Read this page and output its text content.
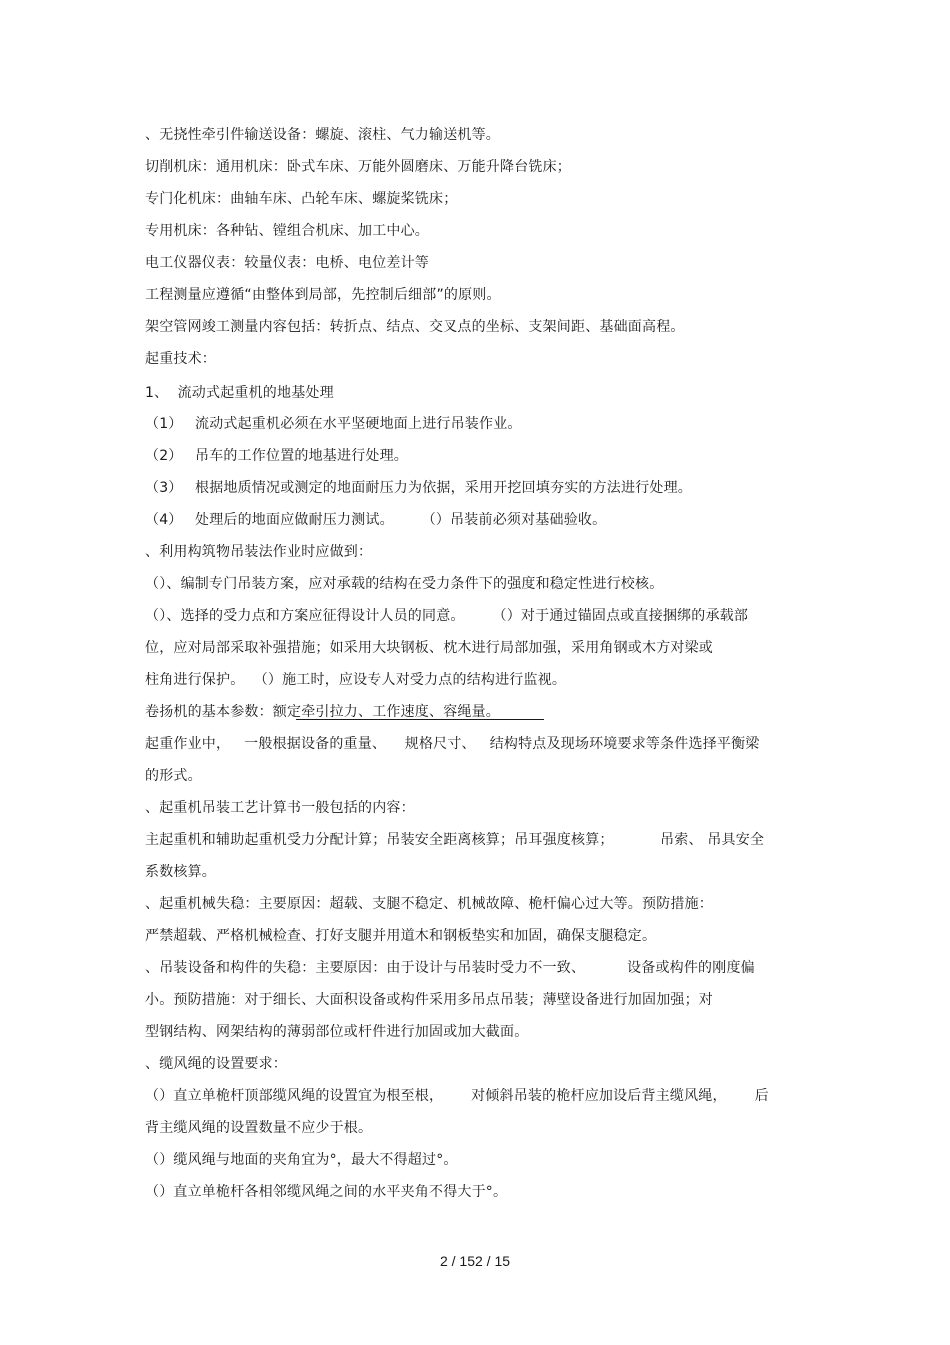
、无挠性牵引件输送设备：螺旋、滚柱、气力输送机等。
切削机床：通用机床：卧式车床、万能外圆磨床、万能升降台铣床；
专门化机床：曲轴车床、凸轮车床、螺旋桨铣床；
专用机床：各种钻、镗组合机床、加工中心。
电工仪器仪表：较量仪表：电桥、电位差计等
工程测量应遵循“由整体到局部，先控制后细部”的原则。
架空管网竣工测量内容包括：转折点、结点、交叉点的坐标、支架间距、基础面高程。
起重技术：
1、  流动式起重机的地基处理
（1） 流动式起重机必须在水平坚硬地面上进行吊装作业。
（2） 吊车的工作位置的地基进行处理。
（3） 根据地质情况或测定的地面耐压力为依据，采用开挖回填夯实的方法进行处理。
（4） 处理后的地面应做耐压力测试。      （）吊装前必须对基础验收。
、利用构筑物吊装法作业时应做到：
（）、编制专门吊装方案，应对承载的结构在受力条件下的强度和稳定性进行校核。
（）、选择的受力点和方案应征得设计人员的同意。      （）对于通过锚固点或直接捆绑的承载部
位，应对局部采取补强措施；如采用大块钢板、枕木进行局部加强，采用角钢或木方对梁或
柱角进行保护。  （）施工时，应设专人对受力点的结构进行监视。
卷扬机的基本参数：额定牵引拉力、工作速度、容绳量。
起重作业中，   一般根据设备的重量、    规格尺寸、   结构特点及现场环境要求等条件选择平衡梁
的形式。
、起重机吊装工艺计算书一般包括的内容：
主起重机和辅助起重机受力分配计算；吊装安全距离核算；吊耳强度核算；          吊索、 吊具安全
系数核算。
、起重机械失稳：主要原因：超载、支腿不稳定、机械故障、桅杆偏心过大等。预防措施：
严禁超载、严格机械检查、打好支腿并用道木和钢板垫实和加固，确保支腿稳定。
、吊装设备和构件的失稳：主要原因：由于设计与吊装时受力不一致、         设备或构件的刚度偏
小。预防措施：对于细长、大面积设备或构件采用多吊点吊装；薄壁设备进行加固加强；对
型钢结构、网架结构的薄弱部位或杆件进行加固或加大截面。
、缆风绳的设置要求：
（）直立单桅杆顶部缆风绳的设置宜为根至根，      对倾斜吊装的桅杆应加设后背主缆风绳，      后
背主缆风绳的设置数量不应少于根。
（）缆风绳与地面的夹角宜为°，最大不得超过°。
（）直立单桅杆各相邻缆风绳之间的水平夹角不得大于°。
2 / 152 / 15
